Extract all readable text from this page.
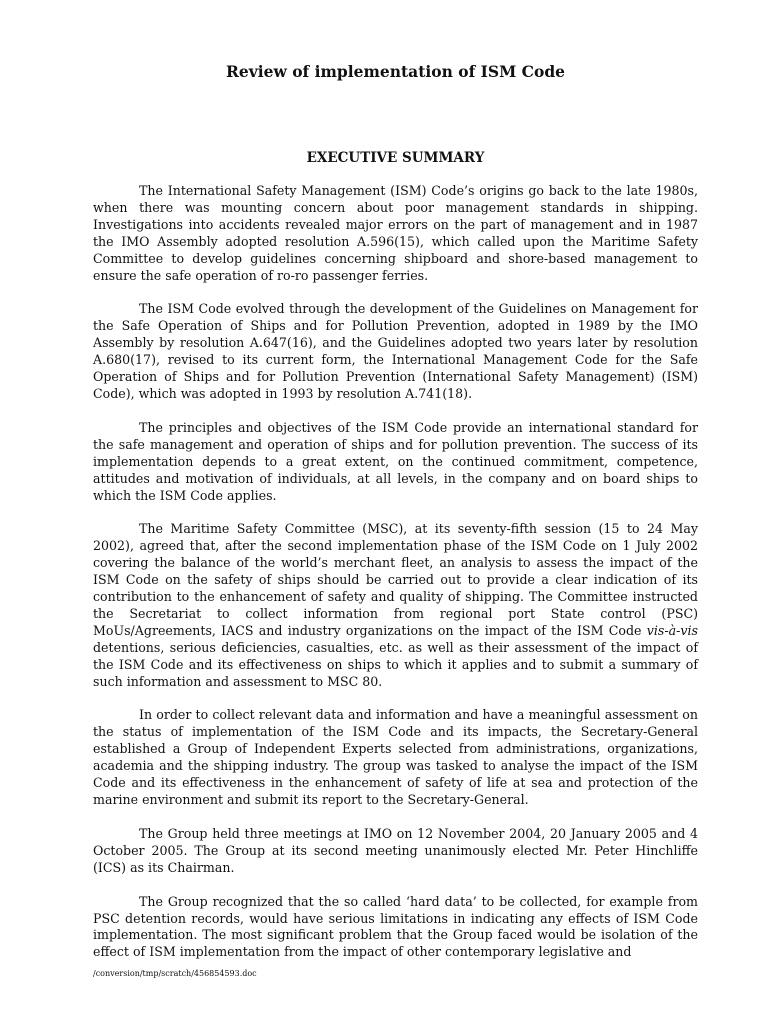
Review of implementation of ISM Code
EXECUTIVE SUMMARY

The International Safety Management (ISM) Code’s origins go back to the late 1980s, when there was mounting concern about poor management standards in shipping. Investigations into accidents revealed major errors on the part of management and in 1987 the IMO Assembly adopted resolution A.596(15), which called upon the Maritime Safety Committee to develop guidelines concerning shipboard and shore-based management to ensure the safe operation of ro-ro passenger ferries.

The ISM Code evolved through the development of the Guidelines on Management for the Safe Operation of Ships and for Pollution Prevention, adopted in 1989 by the IMO Assembly by resolution A.647(16), and the Guidelines adopted two years later by resolution A.680(17), revised to its current form, the International Management Code for the Safe Operation of Ships and for Pollution Prevention (International Safety Management) (ISM) Code), which was adopted in 1993 by resolution A.741(18).

The principles and objectives of the ISM Code provide an international standard for the safe management and operation of ships and for pollution prevention. The success of its implementation depends to a great extent, on the continued commitment, competence, attitudes and motivation of individuals, at all levels, in the company and on board ships to which the ISM Code applies.

The Maritime Safety Committee (MSC), at its seventy-fifth session (15 to 24 May 2002), agreed that, after the second implementation phase of the ISM Code on 1 July 2002 covering the balance of the world’s merchant fleet, an analysis to assess the impact of the ISM Code on the safety of ships should be carried out to provide a clear indication of its contribution to the enhancement of safety and quality of shipping. The Committee instructed the Secretariat to collect information from regional port State control (PSC) MoUs/Agreements, IACS and industry organizations on the impact of the ISM Code vis-à-vis detentions, serious deficiencies, casualties, etc. as well as their assessment of the impact of the ISM Code and its effectiveness on ships to which it applies and to submit a summary of such information and assessment to MSC 80.

In order to collect relevant data and information and have a meaningful assessment on the status of implementation of the ISM Code and its impacts, the Secretary-General established a Group of Independent Experts selected from administrations, organizations, academia and the shipping industry. The group was tasked to analyse the impact of the ISM Code and its effectiveness in the enhancement of safety of life at sea and protection of the marine environment and submit its report to the Secretary-General.

The Group held three meetings at IMO on 12 November 2004, 20 January 2005 and 4 October 2005. The Group at its second meeting unanimously elected Mr. Peter Hinchliffe (ICS) as its Chairman.

The Group recognized that the so called ‘hard data’ to be collected, for example from PSC detention records, would have serious limitations in indicating any effects of ISM Code implementation. The most significant problem that the Group faced would be isolation of the effect of ISM implementation from the impact of other contemporary legislative and

/conversion/tmp/scratch/456854593.doc
